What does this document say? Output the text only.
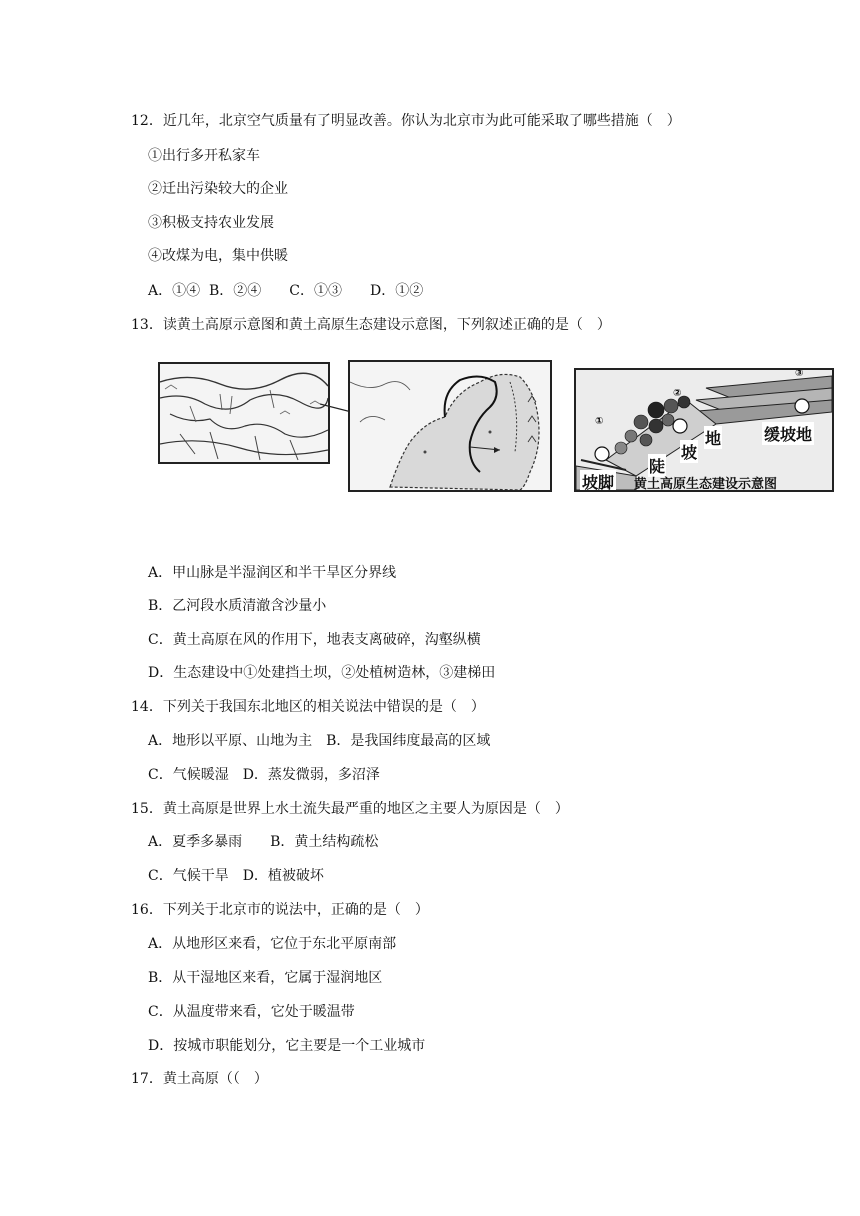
12．近几年，北京空气质量有了明显改善。你认为北京市为此可能采取了哪些措施（　）
①出行多开私家车
②迁出污染较大的企业
③积极支持农业发展
④改煤为电，集中供暖
A．①④  B．②④　　C．①③　　D．①②
13．读黄土高原示意图和黄土高原生态建设示意图，下列叙述正确的是（　）
①
②
③
坡脚
陡
坡
地	缓坡地
黄土高原生态建设示意图
A．甲山脉是半湿润区和半干旱区分界线
B．乙河段水质清澈含沙量小
C．黄土高原在风的作用下，地表支离破碎，沟壑纵横
D．生态建设中①处建挡土坝，②处植树造林，③建梯田
14．下列关于我国东北地区的相关说法中错误的是（　）
A．地形以平原、山地为主　B．是我国纬度最高的区域
C．气候暖湿　D．蒸发微弱，多沼泽
15．黄土高原是世界上水土流失最严重的地区之主要人为原因是（　）
A．夏季多暴雨　　B．黄土结构疏松
C．气候干旱　D．植被破坏
16．下列关于北京市的说法中，正确的是（　）
A．从地形区来看，它位于东北平原南部
B．从干湿地区来看，它属于湿润地区
C．从温度带来看，它处于暖温带
D．按城市职能划分，它主要是一个工业城市
17．黄土高原（（　）
